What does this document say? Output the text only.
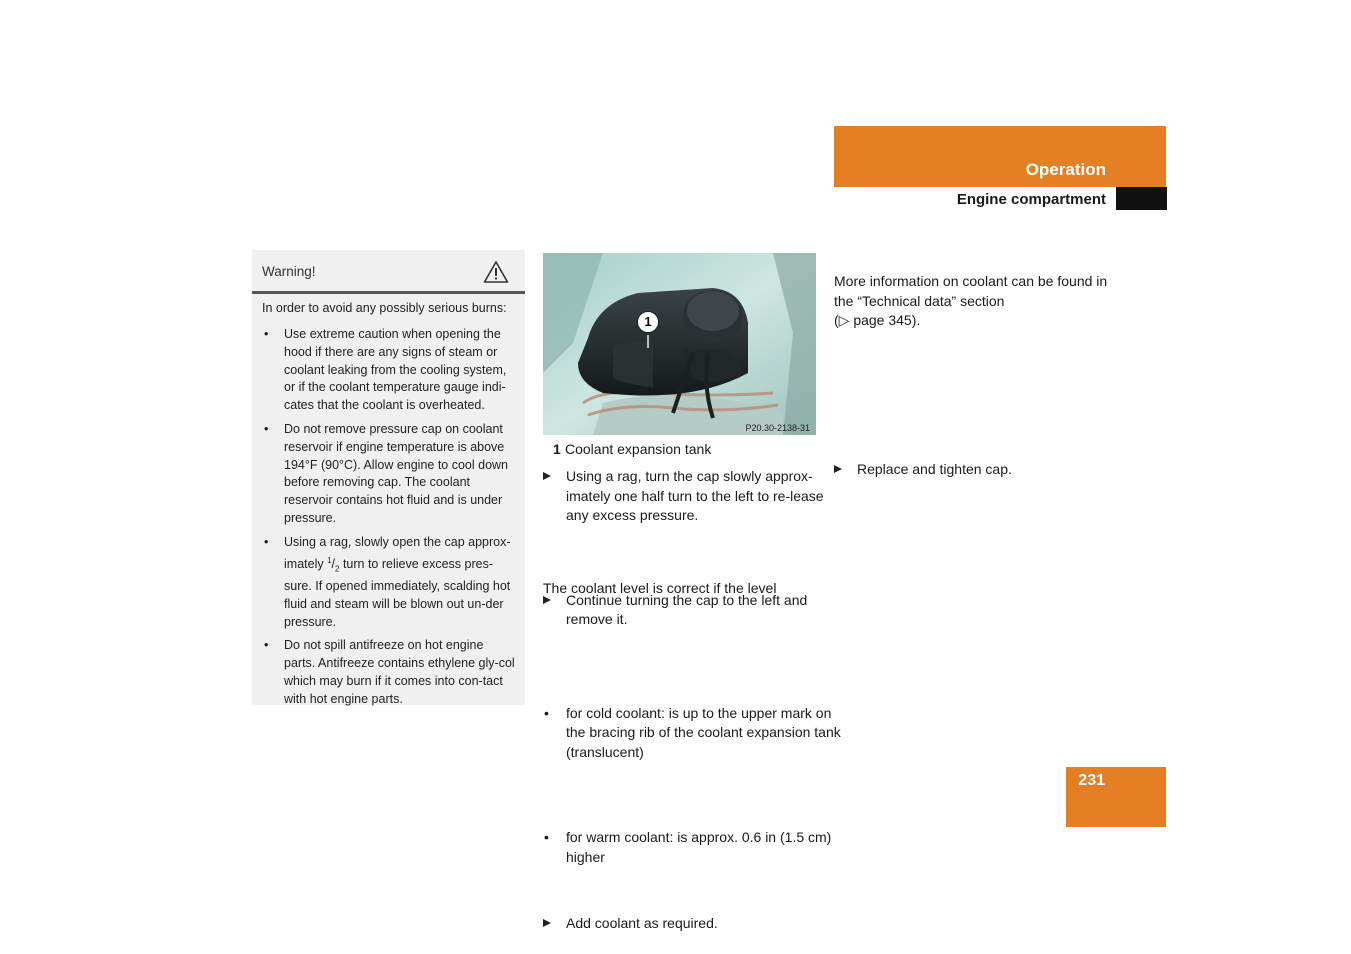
Operation
Engine compartment
Warning!
In order to avoid any possibly serious burns:
• Use extreme caution when opening the hood if there are any signs of steam or coolant leaking from the cooling system, or if the coolant temperature gauge indi-cates that the coolant is overheated.
• Do not remove pressure cap on coolant reservoir if engine temperature is above 194°F (90°C). Allow engine to cool down before removing cap. The coolant reservoir contains hot fluid and is under pressure.
• Using a rag, slowly open the cap approx-imately $^1/_2$ turn to relieve excess pres-sure. If opened immediately, scalding hot fluid and steam will be blown out un-der pressure.
• Do not spill antifreeze on hot engine parts. Antifreeze contains ethylene gly-col which may burn if it comes into con-tact with hot engine parts.
1
P20.30-2138-31
1 Coolant expansion tank
Using a rag, turn the cap slowly approx-imately one half turn to the left to re-lease any excess pressure.
Continue turning the cap to the left and remove it.
The coolant level is correct if the level
• for cold coolant: is up to the upper mark on the bracing rib of the coolant expansion tank (translucent)
• for warm coolant: is approx. 0.6 in (1.5 cm) higher
Add coolant as required.
Replace and tighten cap.
More information on coolant can be found in the “Technical data” section
(▷ page 345).
231
